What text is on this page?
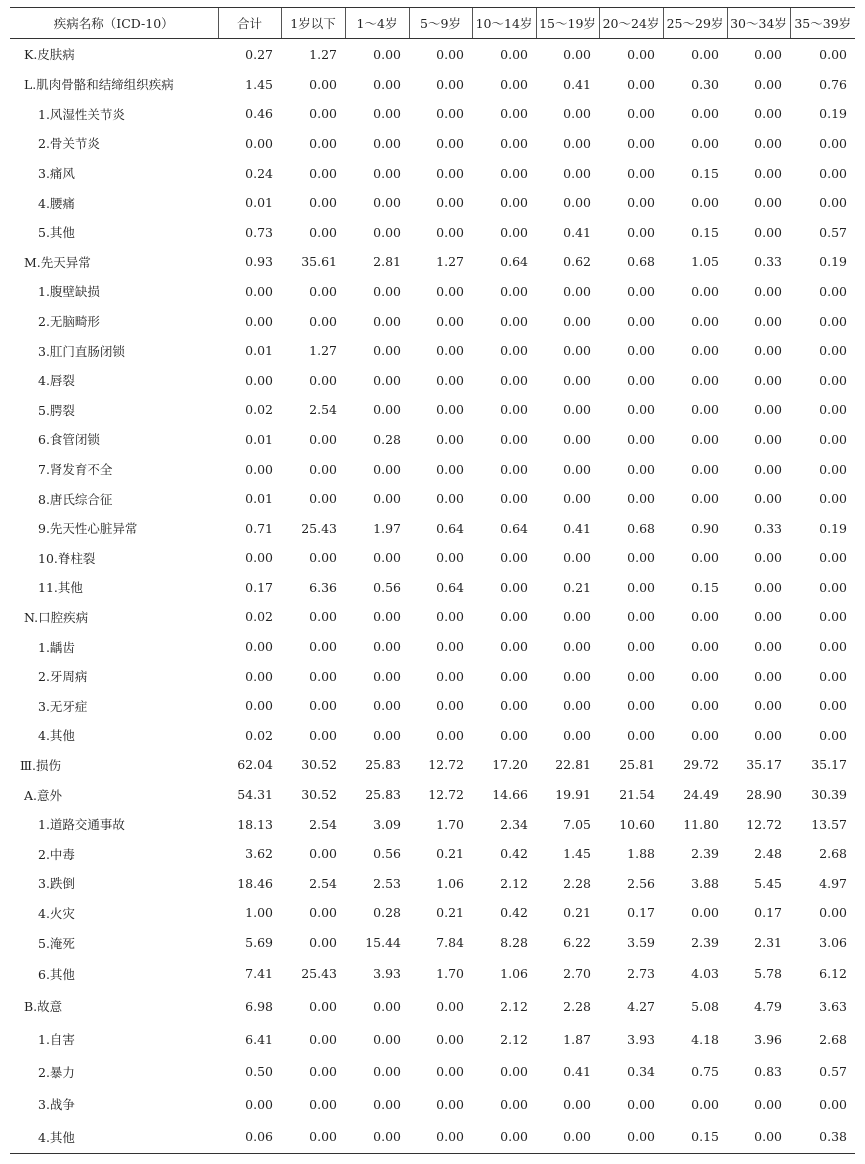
疾病名称（ICD-10）	合计	1岁以下	1～4岁	5～9岁	10～14岁	15～19岁	20～24岁	25～29岁	30～34岁	35～39岁
K.皮肤病	0.27	1.27	0.00	0.00	0.00	0.00	0.00	0.00	0.00	0.00
L.肌肉骨骼和结缔组织疾病	1.45	0.00	0.00	0.00	0.00	0.41	0.00	0.30	0.00	0.76
1.风湿性关节炎	0.46	0.00	0.00	0.00	0.00	0.00	0.00	0.00	0.00	0.19
2.骨关节炎	0.00	0.00	0.00	0.00	0.00	0.00	0.00	0.00	0.00	0.00
3.痛风	0.24	0.00	0.00	0.00	0.00	0.00	0.00	0.15	0.00	0.00
4.腰痛	0.01	0.00	0.00	0.00	0.00	0.00	0.00	0.00	0.00	0.00
5.其他	0.73	0.00	0.00	0.00	0.00	0.41	0.00	0.15	0.00	0.57
M.先天异常	0.93	35.61	2.81	1.27	0.64	0.62	0.68	1.05	0.33	0.19
1.腹壁缺损	0.00	0.00	0.00	0.00	0.00	0.00	0.00	0.00	0.00	0.00
2.无脑畸形	0.00	0.00	0.00	0.00	0.00	0.00	0.00	0.00	0.00	0.00
3.肛门直肠闭锁	0.01	1.27	0.00	0.00	0.00	0.00	0.00	0.00	0.00	0.00
4.唇裂	0.00	0.00	0.00	0.00	0.00	0.00	0.00	0.00	0.00	0.00
5.腭裂	0.02	2.54	0.00	0.00	0.00	0.00	0.00	0.00	0.00	0.00
6.食管闭锁	0.01	0.00	0.28	0.00	0.00	0.00	0.00	0.00	0.00	0.00
7.肾发育不全	0.00	0.00	0.00	0.00	0.00	0.00	0.00	0.00	0.00	0.00
8.唐氏综合征	0.01	0.00	0.00	0.00	0.00	0.00	0.00	0.00	0.00	0.00
9.先天性心脏异常	0.71	25.43	1.97	0.64	0.64	0.41	0.68	0.90	0.33	0.19
10.脊柱裂	0.00	0.00	0.00	0.00	0.00	0.00	0.00	0.00	0.00	0.00
11.其他	0.17	6.36	0.56	0.64	0.00	0.21	0.00	0.15	0.00	0.00
N.口腔疾病	0.02	0.00	0.00	0.00	0.00	0.00	0.00	0.00	0.00	0.00
1.龋齿	0.00	0.00	0.00	0.00	0.00	0.00	0.00	0.00	0.00	0.00
2.牙周病	0.00	0.00	0.00	0.00	0.00	0.00	0.00	0.00	0.00	0.00
3.无牙症	0.00	0.00	0.00	0.00	0.00	0.00	0.00	0.00	0.00	0.00
4.其他	0.02	0.00	0.00	0.00	0.00	0.00	0.00	0.00	0.00	0.00
Ⅲ.损伤	62.04	30.52	25.83	12.72	17.20	22.81	25.81	29.72	35.17	35.17
A.意外	54.31	30.52	25.83	12.72	14.66	19.91	21.54	24.49	28.90	30.39
1.道路交通事故	18.13	2.54	3.09	1.70	2.34	7.05	10.60	11.80	12.72	13.57
2.中毒	3.62	0.00	0.56	0.21	0.42	1.45	1.88	2.39	2.48	2.68
3.跌倒	18.46	2.54	2.53	1.06	2.12	2.28	2.56	3.88	5.45	4.97
4.火灾	1.00	0.00	0.28	0.21	0.42	0.21	0.17	0.00	0.17	0.00
5.淹死	5.69	0.00	15.44	7.84	8.28	6.22	3.59	2.39	2.31	3.06
6.其他	7.41	25.43	3.93	1.70	1.06	2.70	2.73	4.03	5.78	6.12
B.故意	6.98	0.00	0.00	0.00	2.12	2.28	4.27	5.08	4.79	3.63
1.自害	6.41	0.00	0.00	0.00	2.12	1.87	3.93	4.18	3.96	2.68
2.暴力	0.50	0.00	0.00	0.00	0.00	0.41	0.34	0.75	0.83	0.57
3.战争	0.00	0.00	0.00	0.00	0.00	0.00	0.00	0.00	0.00	0.00
4.其他	0.06	0.00	0.00	0.00	0.00	0.00	0.00	0.15	0.00	0.38
